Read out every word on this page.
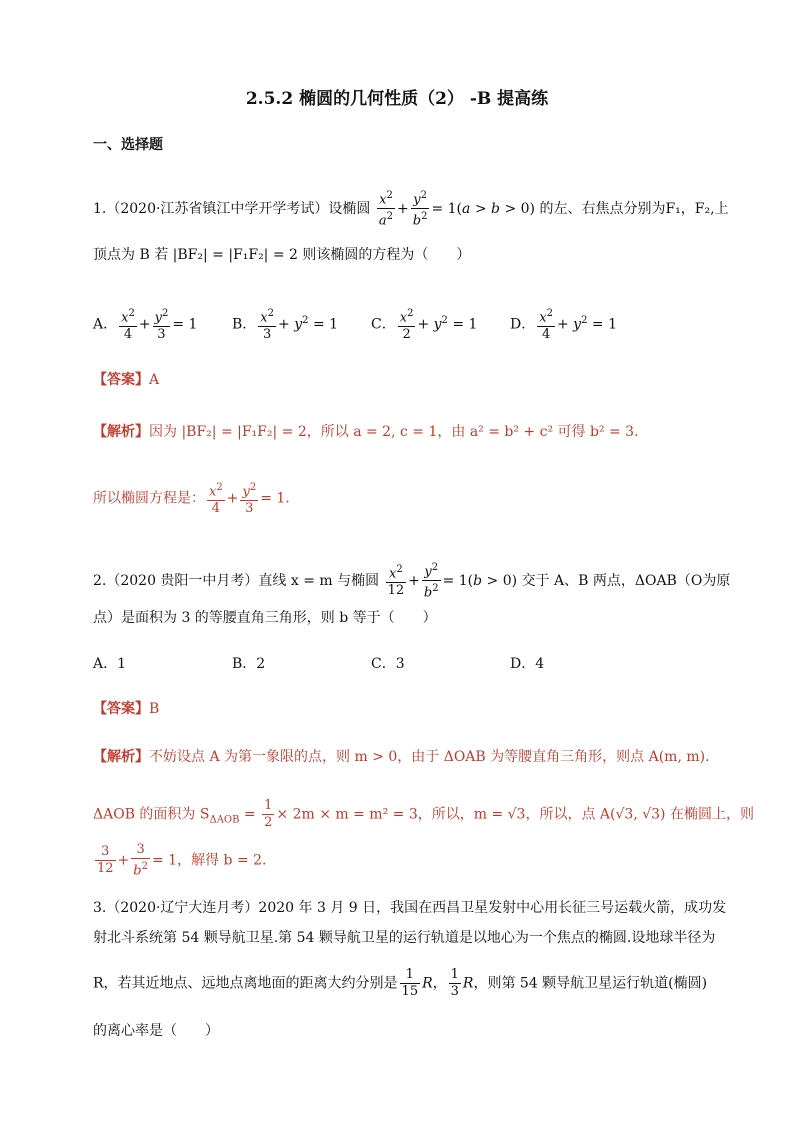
2.5.2 椭圆的几何性质（2） -B 提高练
一、选择题
1.（2020·江苏省镇江中学开学考试）设椭圆 $\frac{x^2}{a^2} + \frac{y^2}{b^2} = 1(a > b > 0)$ 的左、右焦点分别为F₁，F₂,上
顶点为 B 若 |BF₂| = |F₁F₂| = 2 则该椭圆的方程为（　　）
A． $\frac{x^2}{4} + \frac{y^2}{3} = 1$ B． $\frac{x^2}{3} + y^2 = 1$ C． $\frac{x^2}{2} + y^2 = 1$ D． $\frac{x^2}{4} + y^2 = 1$
【答案】A
【解析】因为 |BF₂| = |F₁F₂| = 2，所以 a = 2, c = 1，由 a² = b² + c² 可得 b² = 3.
所以椭圆方程是： $\frac{x^2}{4} + \frac{y^2}{3} = 1$.
2.（2020 贵阳一中月考）直线 x = m 与椭圆 $\frac{x^2}{12} + \frac{y^2}{b^2} = 1(b > 0)$ 交于 A、B 两点，ΔOAB（O为原
点）是面积为 3 的等腰直角三角形，则 b 等于（　　）
A．1	B．2	C．3	D．4
【答案】B
【解析】不妨设点 A 为第一象限的点，则 m > 0，由于 ΔOAB 为等腰直角三角形，则点 A(m, m).
ΔAOB 的面积为 $S_{\Delta AOB} = \frac{1}{2} \times 2m \times m = m^2 = 3$，所以，m = √3，所以，点 A(√3, √3) 在椭圆上，则
$\frac{3}{12} + \frac{3}{b^2} = 1$，解得 b = 2.
3.（2020·辽宁大连月考）2020 年 3 月 9 日，我国在西昌卫星发射中心用长征三号运载火箭，成功发
射北斗系统第 54 颗导航卫星.第 54 颗导航卫星的运行轨道是以地心为一个焦点的椭圆.设地球半径为
R，若其近地点、远地点离地面的距离大约分别是 $\frac{1}{15}$ R， $\frac{1}{3}$ R，则第 54 颗导航卫星运行轨道(椭圆)
的离心率是（　　）
